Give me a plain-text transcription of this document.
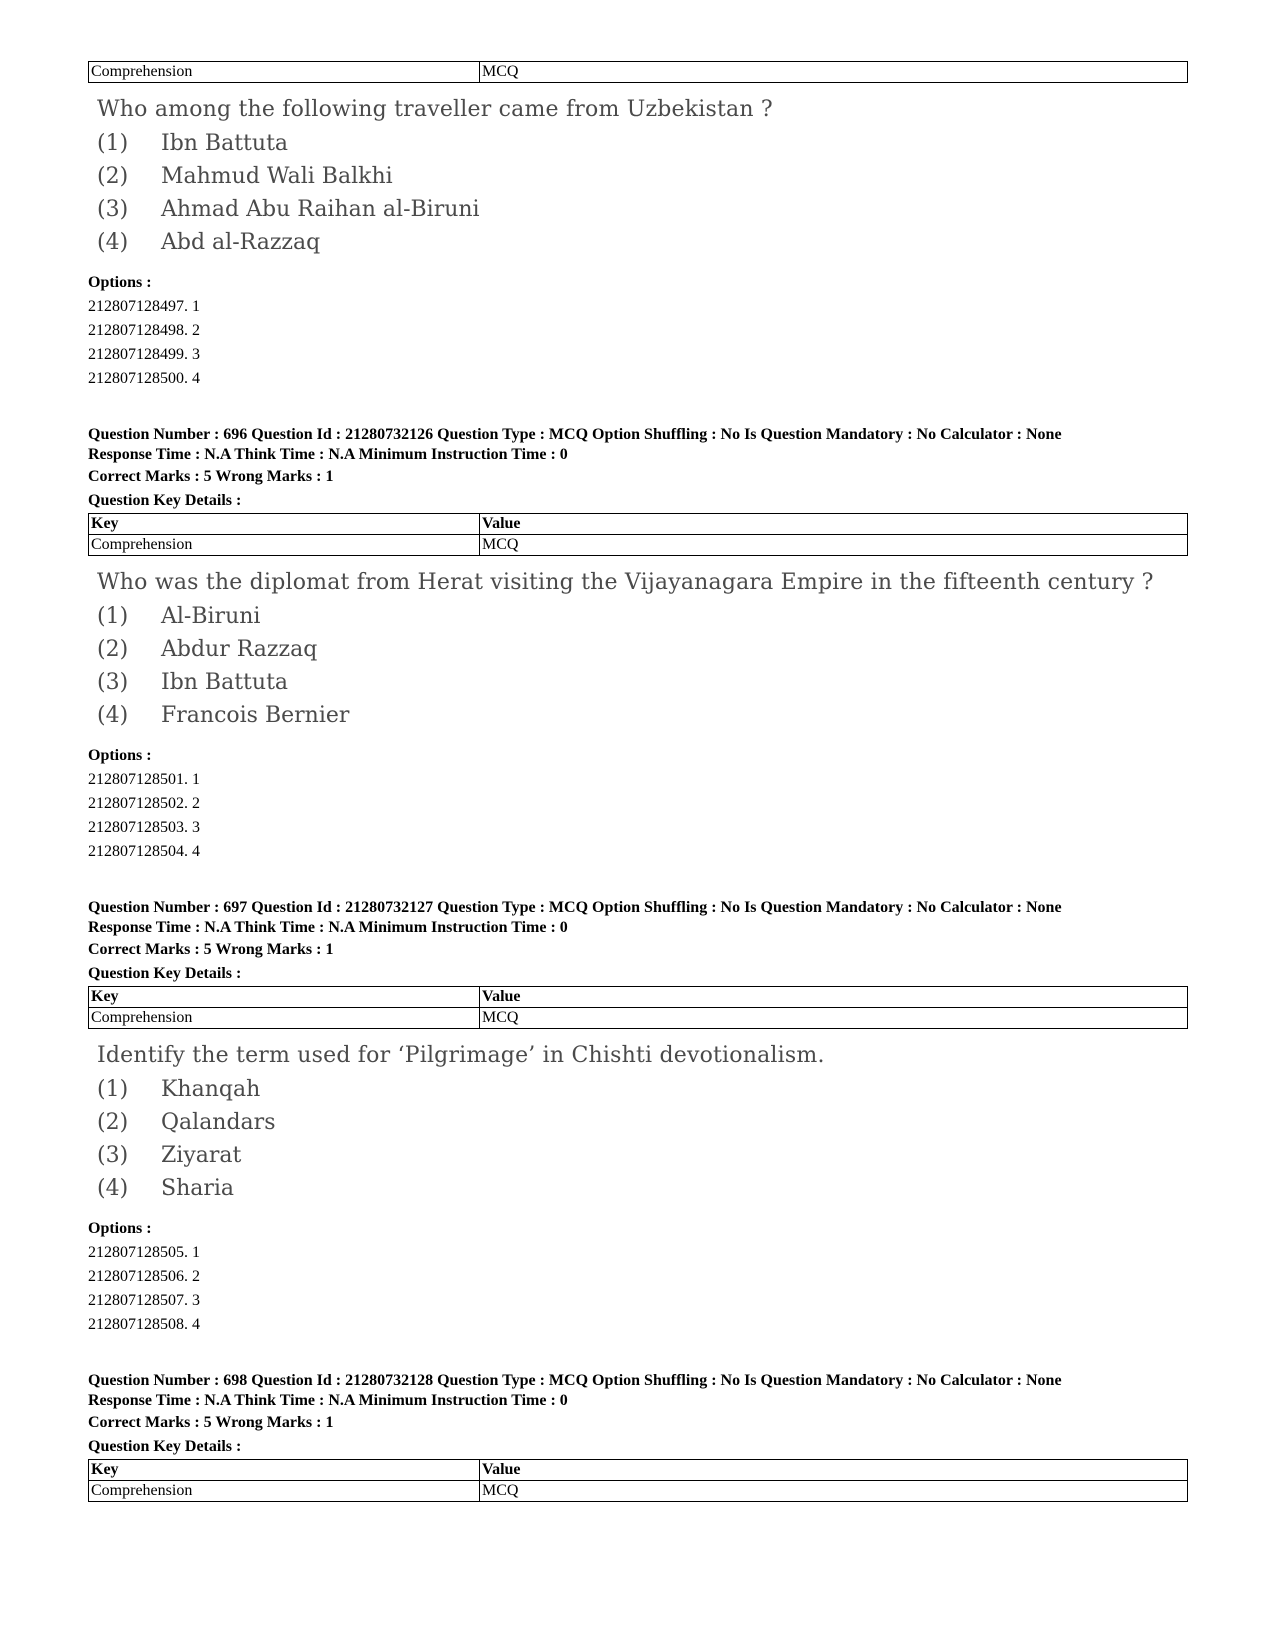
Comprehension	MCQ
Who among the following traveller came from Uzbekistan ?
(1)	Ibn Battuta
(2)	Mahmud Wali Balkhi
(3)	Ahmad Abu Raihan al-Biruni
(4)	Abd al-Razzaq
Options :
212807128497. 1
212807128498. 2
212807128499. 3
212807128500. 4
Question Number : 696 Question Id : 21280732126 Question Type : MCQ Option Shuffling : No Is Question Mandatory : No Calculator : None
Response Time : N.A Think Time : N.A Minimum Instruction Time : 0
Correct Marks : 5 Wrong Marks : 1
Question Key Details :
Key	Value
Comprehension	MCQ
Who was the diplomat from Herat visiting the Vijayanagara Empire in the fifteenth century ?
(1)	Al-Biruni
(2)	Abdur Razzaq
(3)	Ibn Battuta
(4)	Francois Bernier
Options :
212807128501. 1
212807128502. 2
212807128503. 3
212807128504. 4
Question Number : 697 Question Id : 21280732127 Question Type : MCQ Option Shuffling : No Is Question Mandatory : No Calculator : None
Response Time : N.A Think Time : N.A Minimum Instruction Time : 0
Correct Marks : 5 Wrong Marks : 1
Question Key Details :
Key	Value
Comprehension	MCQ
Identify the term used for ‘Pilgrimage’ in Chishti devotionalism.
(1)	Khanqah
(2)	Qalandars
(3)	Ziyarat
(4)	Sharia
Options :
212807128505. 1
212807128506. 2
212807128507. 3
212807128508. 4
Question Number : 698 Question Id : 21280732128 Question Type : MCQ Option Shuffling : No Is Question Mandatory : No Calculator : None
Response Time : N.A Think Time : N.A Minimum Instruction Time : 0
Correct Marks : 5 Wrong Marks : 1
Question Key Details :
Key	Value
Comprehension	MCQ
